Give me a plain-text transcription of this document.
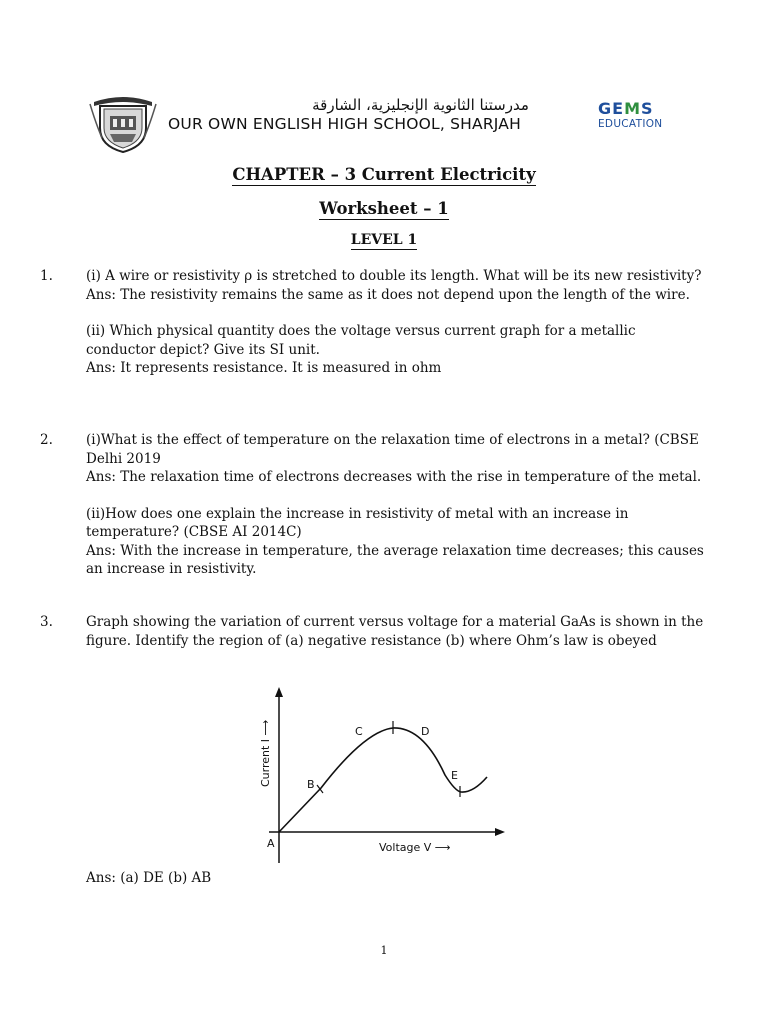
مدرستنا الثانوية الإنجليزية، الشارقة
OUR OWN ENGLISH HIGH SCHOOL, SHARJAH
GEMS
EDUCATION
CHAPTER – 3 Current Electricity
Worksheet – 1
LEVEL 1
1. (i) A wire or resistivity ρ is stretched to double its length. What will be its new resistivity?

Ans: The resistivity remains the same as it does not depend upon the length of the wire.

(ii) Which physical quantity does the voltage versus current graph for a metallic conductor depict? Give its SI unit.

Ans: It represents resistance. It is measured in ohm

2. (i)What is the effect of temperature on the relaxation time of electrons in a metal? (CBSE Delhi 2019

Ans: The relaxation time of electrons decreases with the rise in temperature of the metal.

(ii)How does one explain the increase in resistivity of metal with an increase in temperature? (CBSE AI 2014C)

Ans: With the increase in temperature, the average relaxation time decreases; this causes an increase in resistivity.

3. Graph showing the variation of current versus voltage for a material GaAs is shown in the figure. Identify the region of (a) negative resistance (b) where Ohm’s law is obeyed

A
B
C	D
E
Current I ⟶
Voltage V ⟶
Ans: (a) DE (b) AB
1
